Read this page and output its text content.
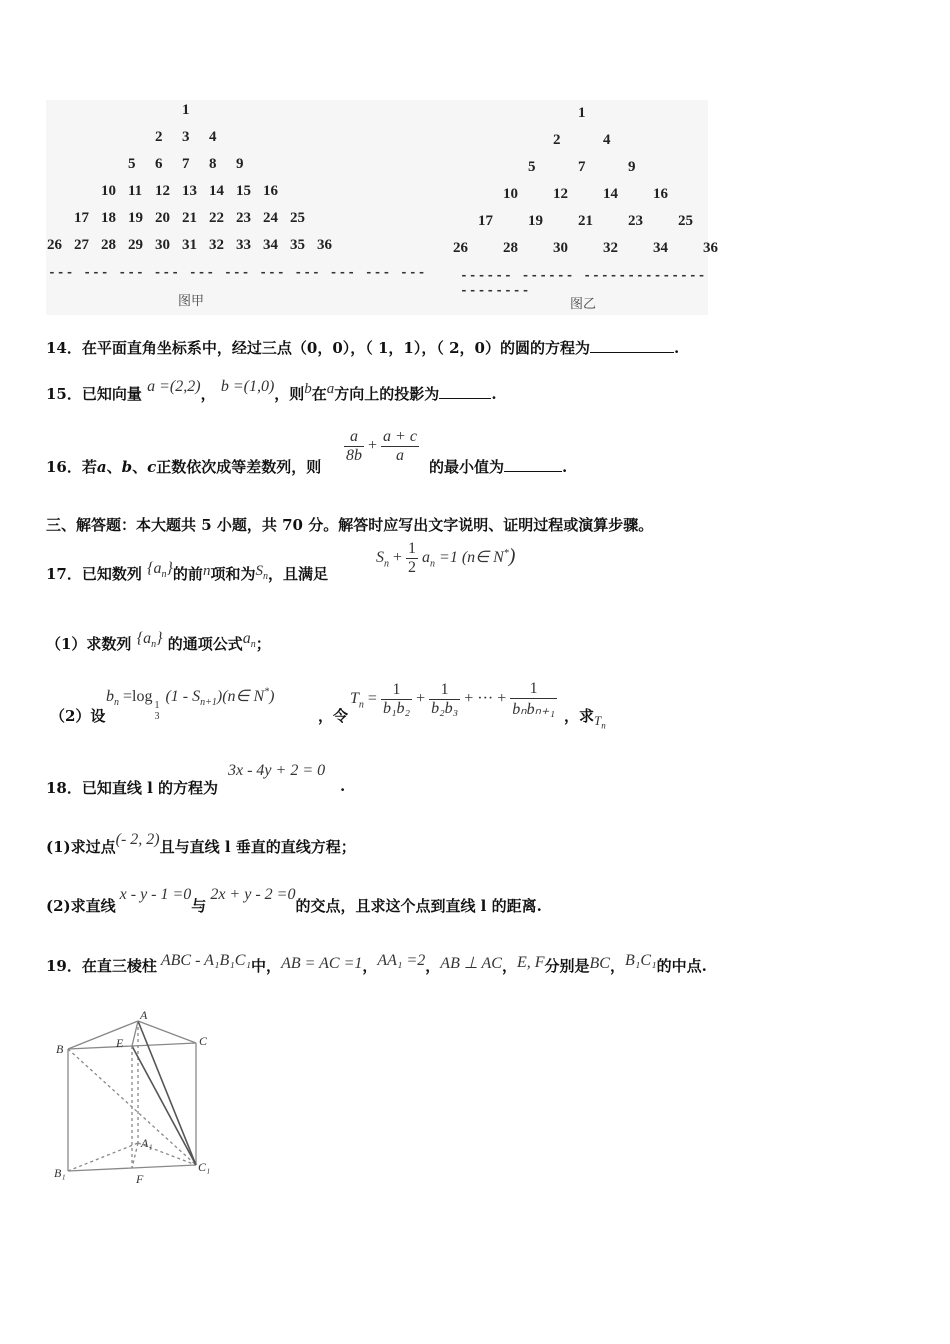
1
2 3 4
5 6 7 8 9
10 11 12 13 14 15 16
17 18 19 20 21 22 23 24 25
26 27 28 29 30 31 32 33 34 35 36
1
2	4
5	7	9
10 12 14 16
17 19 21 23 25
26 28 30 32 34 36
--- --- --- --- --- --- --- --- --- --- ---	------ ------ ----------------------
图甲	图乙
14．在平面直角坐标系中，经过三点（0，0），（ 1，1），（ 2，0）的圆的方程为	.
15．已知向量 a =(2,2)， b =(1,0)，则b在a方向上的投影为	.
16．若a、b、c正数依次成等差数列，则
$\frac{a}{8b} + \frac{a + c}{a}$
的最小值为	.
三、解答题：本大题共 5 小题，共 70 分。解答时应写出文字说明、证明过程或演算步骤。
17．已知数列 $\{a_n\}$的前n项和为$S_n$，且满足
$S_n + \frac{1}{2} a_n =1$ (n∈ N*)
（1）求数列 $\{a_n\}$ 的通项公式$a_n$；
（2）设
$b_n =\log$
1
3
$(1 - S_{n+1})(n\in$ N*)
，令
$T_n = \frac{1}{\text{b₁b₂}} + \frac{1}{\text{b₂b₃}}$ + ··· + $\frac{1}{\text{bₙbₙ₊₁}}$ ，求$T_n$
18．已知直线 l 的方程为
3x - 4y + 2 = 0
.
(1)求过点(- 2, 2)且与直线 l 垂直的直线方程；
(2)求直线x - y - 1 =0与2x + y - 2 =0的交点，且求这个点到直线 l 的距离.
19．在直三棱柱 ABC - A₁B₁C₁中，AB = AC =1，AA₁ =2，AB ⊥ AC，E, F分别是BC，B₁C₁的中点.
A
B
C
E
A₁
B₁	C₁
F
